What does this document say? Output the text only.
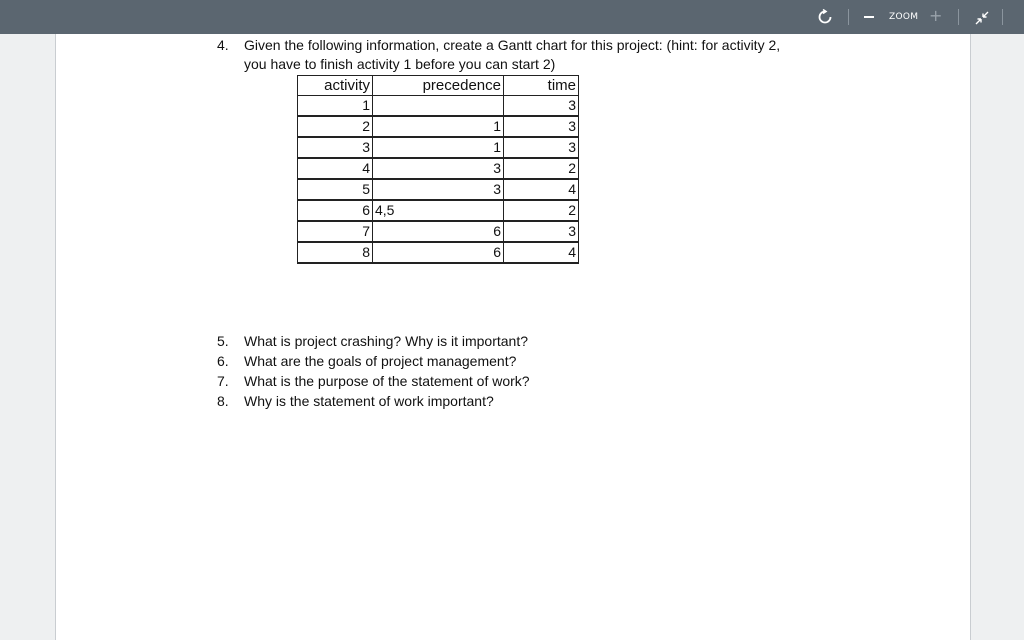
ZOOM +
4.	Given the following information, create a Gantt chart for this project: (hint: for activity 2,
you have to finish activity 1 before you can start 2)
activity	precedence	time
1		3
2	1	3
3	1	3
4	3	2
5	3	4
6	4,5	2
7	6	3
8	6	4
5.	What is project crashing? Why is it important?
6.	What are the goals of project management?
7.	What is the purpose of the statement of work?
8.	Why is the statement of work important?
